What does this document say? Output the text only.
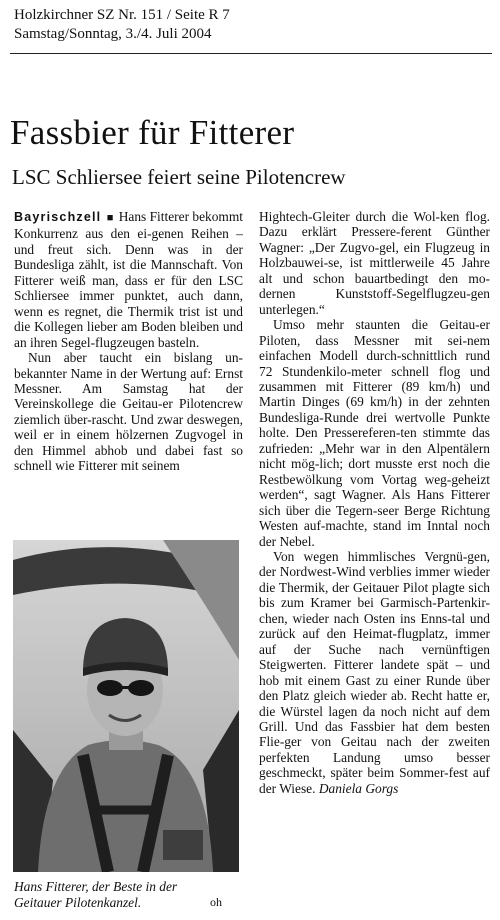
Holzkirchner SZ Nr. 151 / Seite R 7
Samstag/Sonntag, 3./4. Juli 2004
Fassbier für Fitterer
LSC Schliersee feiert seine Pilotencrew

Bayrischzell ■ Hans Fitterer bekommt Konkurrenz aus den ei-genen Reihen – und freut sich. Denn was in der Bundesliga zählt, ist die Mannschaft. Von Fitterer weiß man, dass er für den LSC Schliersee immer punktet, auch dann, wenn es regnet, die Thermik trist ist und die Kollegen lieber am Boden bleiben und an ihren Segel-flugzeugen basteln.

Nun aber taucht ein bislang un-bekannter Name in der Wertung auf: Ernst Messner. Am Samstag hat der Vereinskollege die Geitau-er Pilotencrew ziemlich über-rascht. Und zwar deswegen, weil er in einem hölzernen Zugvogel in den Himmel abhob und dabei fast so schnell wie Fitterer mit seinem

Hightech-Gleiter durch die Wol-ken flog. Dazu erklärt Pressere-ferent Günther Wagner: „Der Zugvo-gel, ein Flugzeug in Holzbauwei-se, ist mittlerweile 45 Jahre alt und schon bauartbedingt den mo-dernen Kunststoff-Segelflugzeu-gen unterlegen.“

Umso mehr staunten die Geitau-er Piloten, dass Messner mit sei-nem einfachen Modell durch-schnittlich rund 72 Stundenkilo-meter schnell flog und zusammen mit Fitterer (89 km/h) und Martin Dinges (69 km/h) in der zehnten Bundesliga-Runde drei wertvolle Punkte holte. Den Pressereferen-ten stimmte das zufrieden: „Mehr war in den Alpentälern nicht mög-lich; dort musste erst noch die Restbewölkung vom Vortag weg-geheizt werden“, sagt Wagner. Als Hans Fitterer sich über die Tegern-seer Berge Richtung Westen auf-machte, stand im Inntal noch der Nebel.

Von wegen himmlisches Vergnü-gen, der Nordwest-Wind verblies immer wieder die Thermik, der Geitauer Pilot plagte sich bis zum Kramer bei Garmisch-Partenkir-chen, wieder nach Osten ins Enns-tal und zurück auf den Heimat-flugplatz, immer auf der Suche nach vernünftigen Steigwerten. Fitterer landete spät – und hob mit einem Gast zu einer Runde über den Platz gleich wieder ab. Recht hatte er, die Würstel lagen da noch nicht auf dem Grill. Und das Fassbier hat dem besten Flie-ger von Geitau nach der zweiten perfekten Landung umso besser geschmeckt, später beim Sommer-fest auf der Wiese. Daniela Gorgs

Hans Fitterer, der Beste in der
Geitauer Pilotenkanzel.	oh
